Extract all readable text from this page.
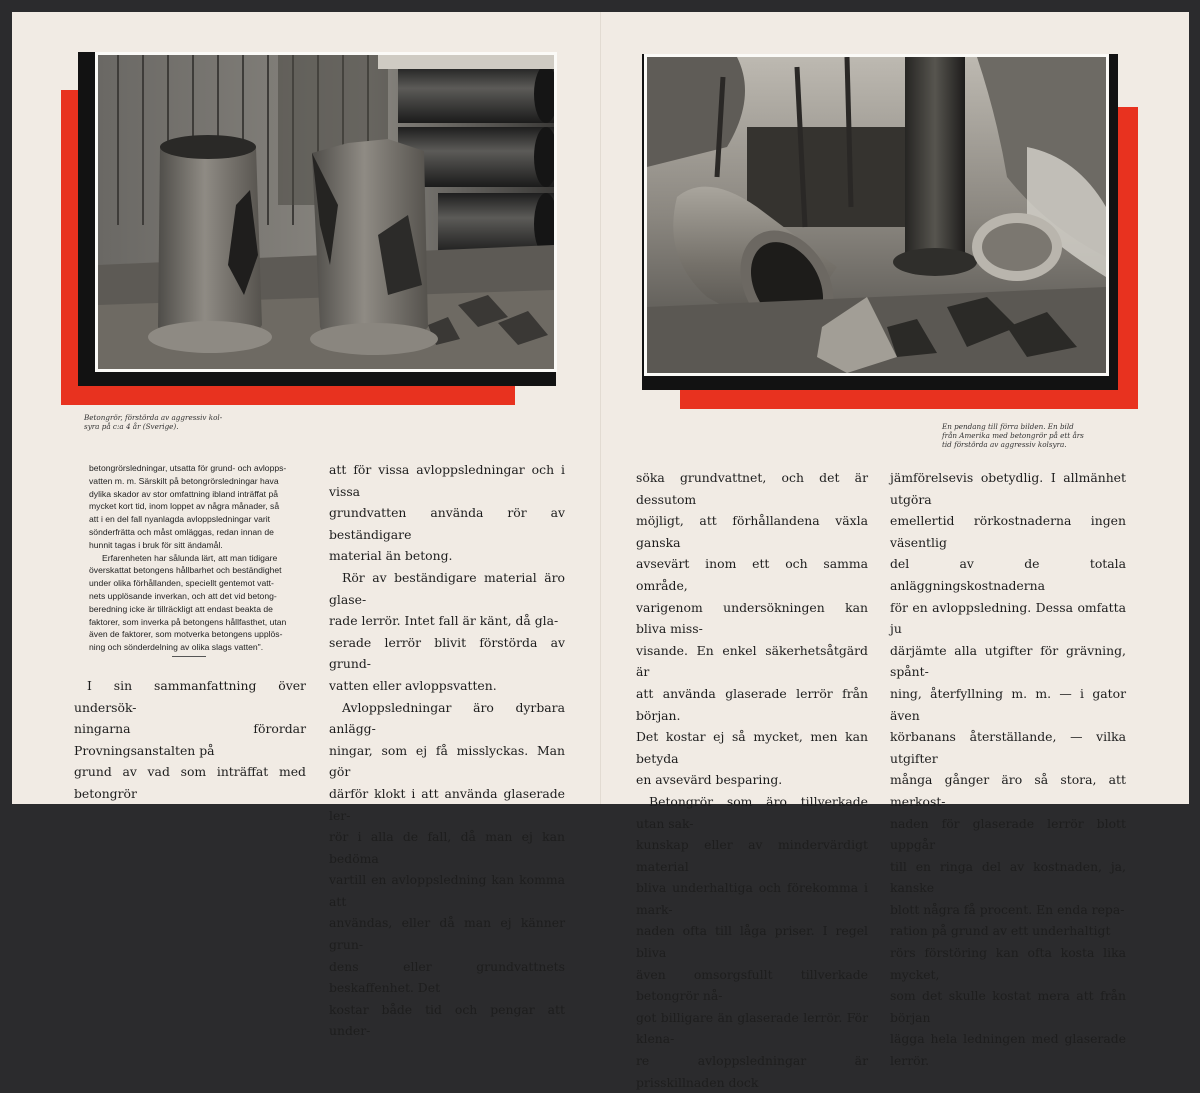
Betongrör, förstörda av aggressiv kol-
syra på c:a 4 år (Sverige).	En pendang till förra bilden. En bild
från Amerika med betongrör på ett års
tid förstörda av aggressiv kolsyra.

betongrörsledningar, utsatta för grund- och avlopps-

vatten m. m. Särskilt på betongrörsledningar hava

dylika skador av stor omfattning ibland inträffat på

mycket kort tid, inom loppet av några månader, så

att i en del fall nyanlagda avloppsledningar varit

sönderfrätta och måst omläggas, redan innan de

hunnit tagas i bruk för sitt ändamål.

Erfarenheten har sålunda lärt, att man tidigare

överskattat betongens hållbarhet och beständighet

under olika förhållanden, speciellt gentemot vatt-

nets upplösande inverkan, och att det vid betong-

beredning icke är tillräckligt att endast beakta de

faktorer, som inverka på betongens hållfasthet, utan

även de faktorer, som motverka betongens upplös-

ning och sönderdelning av olika slags vatten".

I sin sammanfattning över undersök-

ningarna förordar Provningsanstalten på

grund av vad som inträffat med betongrör

att för vissa avloppsledningar och i vissa

grundvatten använda rör av beständigare

material än betong.

Rör av beständigare material äro glase-

rade lerrör. Intet fall är känt, då gla-

serade lerrör blivit förstörda av grund-

vatten eller avloppsvatten.

Avloppsledningar äro dyrbara anlägg-

ningar, som ej få misslyckas. Man gör

därför klokt i att använda glaserade ler-

rör i alla de fall, då man ej kan bedöma

vartill en avloppsledning kan komma att

användas, eller då man ej känner grun-

dens eller grundvattnets beskaffenhet. Det

kostar både tid och pengar att under-

söka grundvattnet, och det är dessutom

möjligt, att förhållandena växla ganska

avsevärt inom ett och samma område,

varigenom undersökningen kan bliva miss-

visande. En enkel säkerhetsåtgärd är

att använda glaserade lerrör från början.

Det kostar ej så mycket, men kan betyda

en avsevärd besparing.

Betongrör som äro tillverkade utan sak-

kunskap eller av mindervärdigt material

bliva underhaltiga och förekomma i mark-

naden ofta till låga priser. I regel bliva

även omsorgsfullt tillverkade betongrör nå-

got billigare än glaserade lerrör. För klena-

re avloppsledningar är prisskillnaden dock

jämförelsevis obetydlig. I allmänhet utgöra

emellertid rörkostnaderna ingen väsentlig

del av de totala anläggningskostnaderna

för en avloppsledning. Dessa omfatta ju

därjämte alla utgifter för grävning, spånt-

ning, återfyllning m. m. — i gator även

körbanans återställande, — vilka utgifter

många gånger äro så stora, att merkost-

naden för glaserade lerrör blott uppgår

till en ringa del av kostnaden, ja, kanske

blott några få procent. En enda repa-

ration på grund av ett underhaltigt

rörs förstöring kan ofta kosta lika mycket,

som det skulle kostat mera att från början

lägga hela ledningen med glaserade lerrör.
